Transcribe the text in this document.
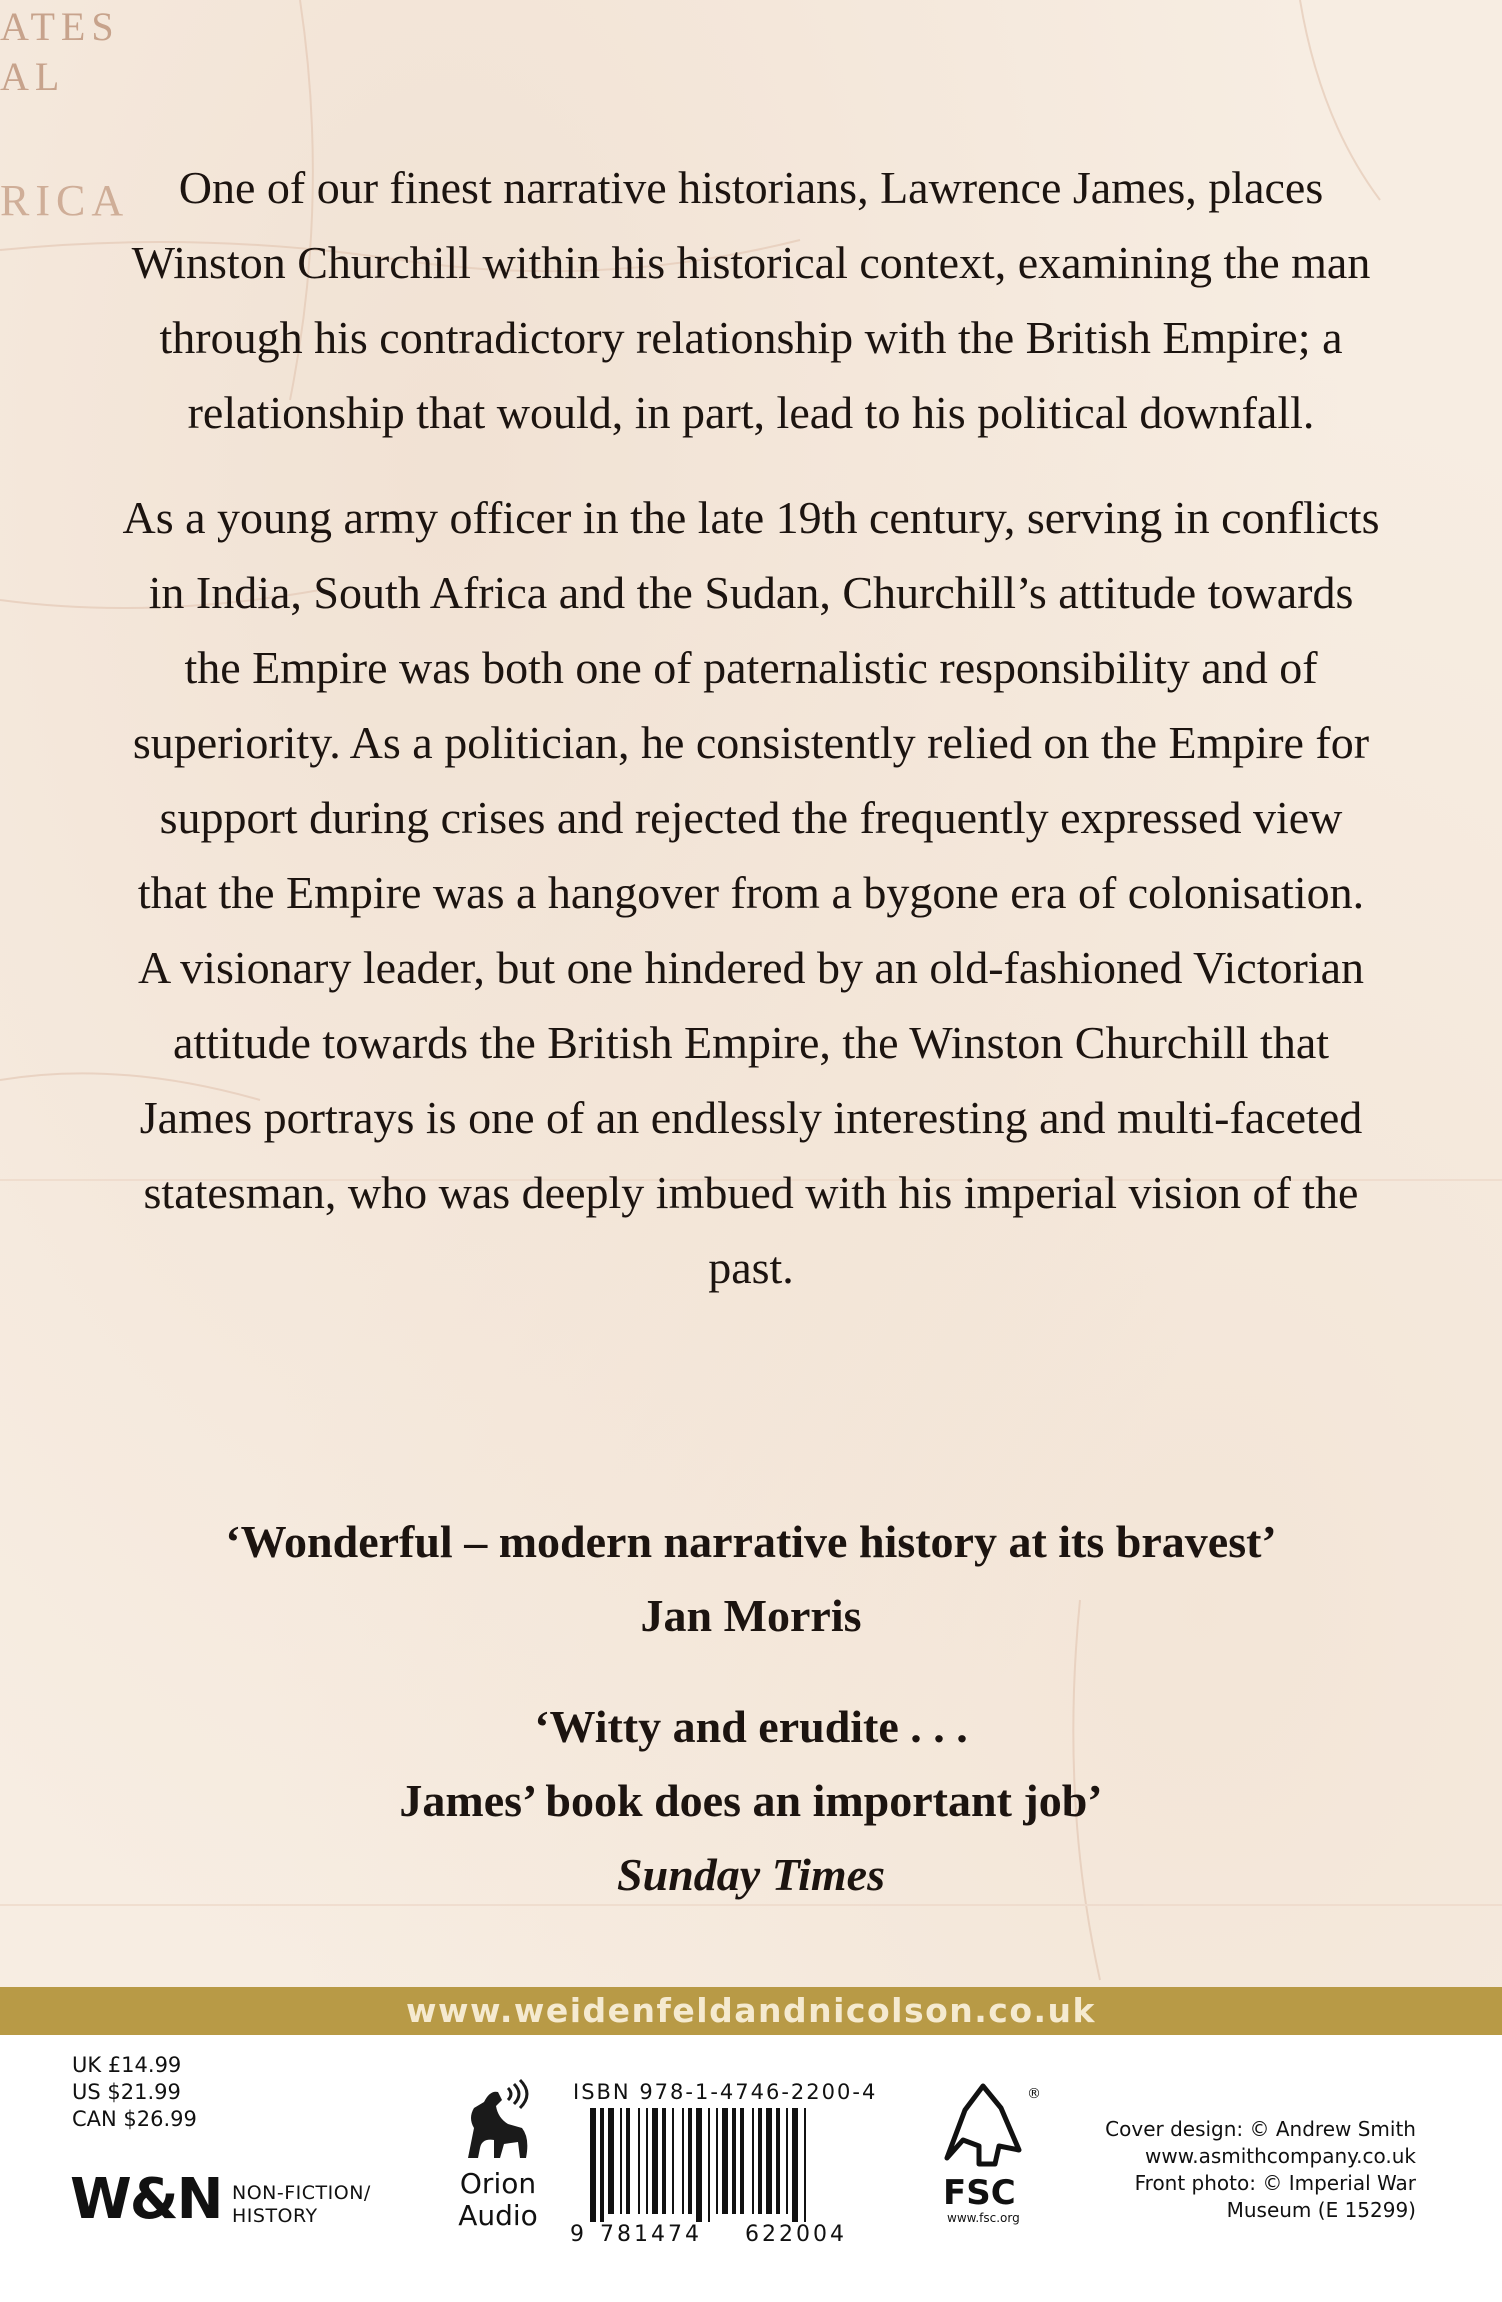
ATES
AL
RICA	One of our finest narrative historians, Lawrence James, places Winston Churchill within his historical context, examining the man through his contradictory relationship with the British Empire; a relationship that would, in part, lead to his political downfall.

As a young army officer in the late 19th century, serving in conflicts in India, South Africa and the Sudan, Churchill’s attitude towards the Empire was both one of paternalistic responsibility and of superiority. As a politician, he consistently relied on the Empire for support during crises and rejected the frequently expressed view that the Empire was a hangover from a bygone era of colonisation. A visionary leader, but one hindered by an old-fashioned Victorian attitude towards the British Empire, the Winston Churchill that James portrays is one of an endlessly interesting and multi-faceted statesman, who was deeply imbued with his imperial vision of the past.

‘Wonderful – modern narrative history at its bravest’
Jan Morris
‘Witty and erudite . . .
James’ book does an important job’
Sunday Times
www.weidenfeldandnicolson.co.uk
UK £14.99
US $21.99
CAN $26.99
W&N NON-FICTION/
HISTORY
Orion
Audio
ISBN 978-1-4746-2200-4
9 781474 622004
®
FSC
www.fsc.org
Cover design: © Andrew Smith
www.asmithcompany.co.uk
Front photo: © Imperial War
Museum (E 15299)
